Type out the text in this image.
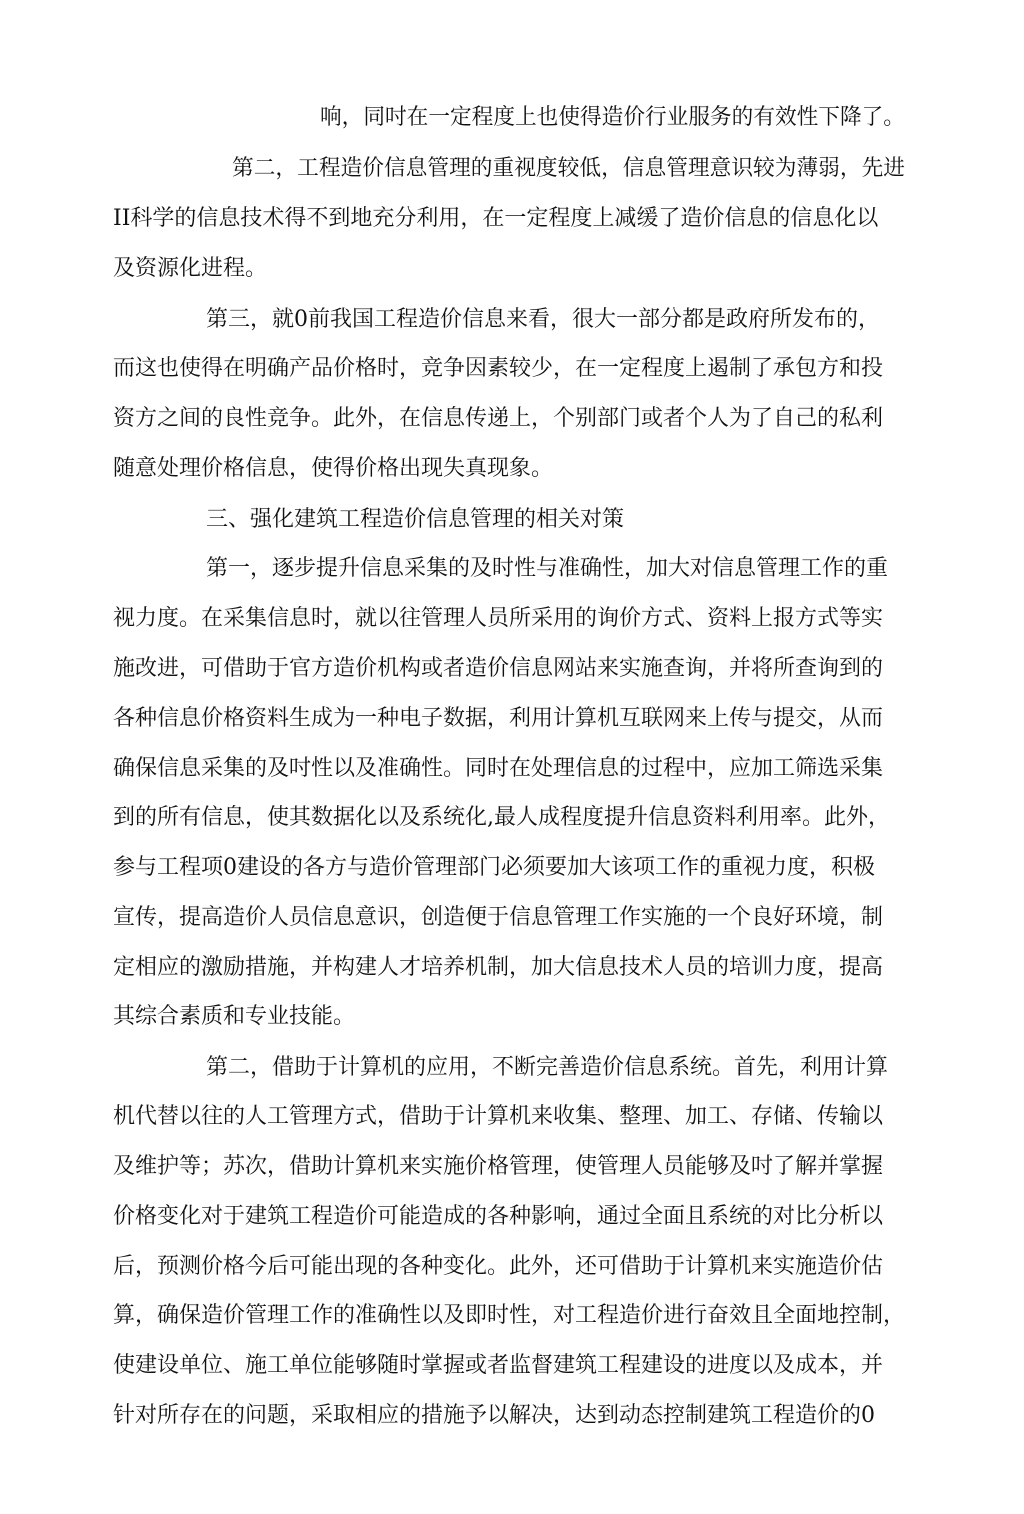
响，同吋在一定程度上也使得造价行业服务的有效性下降了。
第二，工程造价信息管理的重视度较低，信息管理意识较为薄弱，先进
II科学的信息技术得不到地充分利用，在一定程度上减缓了造价信息的信息化以
及资源化进程。
第三，就0前我国工程造价信息来看，很大一部分都是政府所发布的，
而这也使得在明确产品价格时，竞争因素较少，在一定程度上遏制了承包方和投
资方之间的良性竞争。此外，在信息传递上，个别部门或者个人为了自己的私利
随意处理价格信息，使得价格出现失真现象。
三、强化建筑工程造价信息管理的相关对策
第一，逐步提升信息采集的及时性与准确性，加大对信息管理工作的重
视力度。在采集信息时，就以往管理人员所采用的询价方式、资料上报方式等实
施改进，可借助于官方造价机构或者造价信息网站来实施查询，并将所查询到的
各种信息价格资料生成为一种电子数据，利用计算机互联网来上传与提交，从而
确保信息采集的及吋性以及准确性。同时在处理信息的过程中，应加工筛选采集
到的所有信息，使其数据化以及系统化,最人成程度提升信息资料利用率。此外，
参与工程项0建设的各方与造价管理部门必须要加大该项工作的重视力度，积极
宣传，提高造价人员信息意识，创造便于信息管理工作实施的一个良好环境，制
定相应的激励措施，并构建人才培养机制，加大信息技术人员的培训力度，提高
其综合素质和专业技能。
第二，借助于计算机的应用，不断完善造价信息系统。首先，利用计算
机代替以往的人工管理方式，借助于计算机来收集、整理、加工、存储、传输以
及维护等；苏次，借助计算机来实施价格管理，使管理人员能够及吋了解并掌握
价格变化对于建筑工程造价可能造成的各种影响，通过全面且系统的对比分析以
后，预测价格今后可能出现的各种变化。此外，还可借助于计算机来实施造价估
算，确保造价管理工作的准确性以及即时性，对工程造价进行奋效且全面地控制，
使建设单位、施工单位能够随时掌握或者监督建筑工程建设的进度以及成本，并
针对所存在的问题，采取相应的措施予以解决，达到动态控制建筑工程造价的0
